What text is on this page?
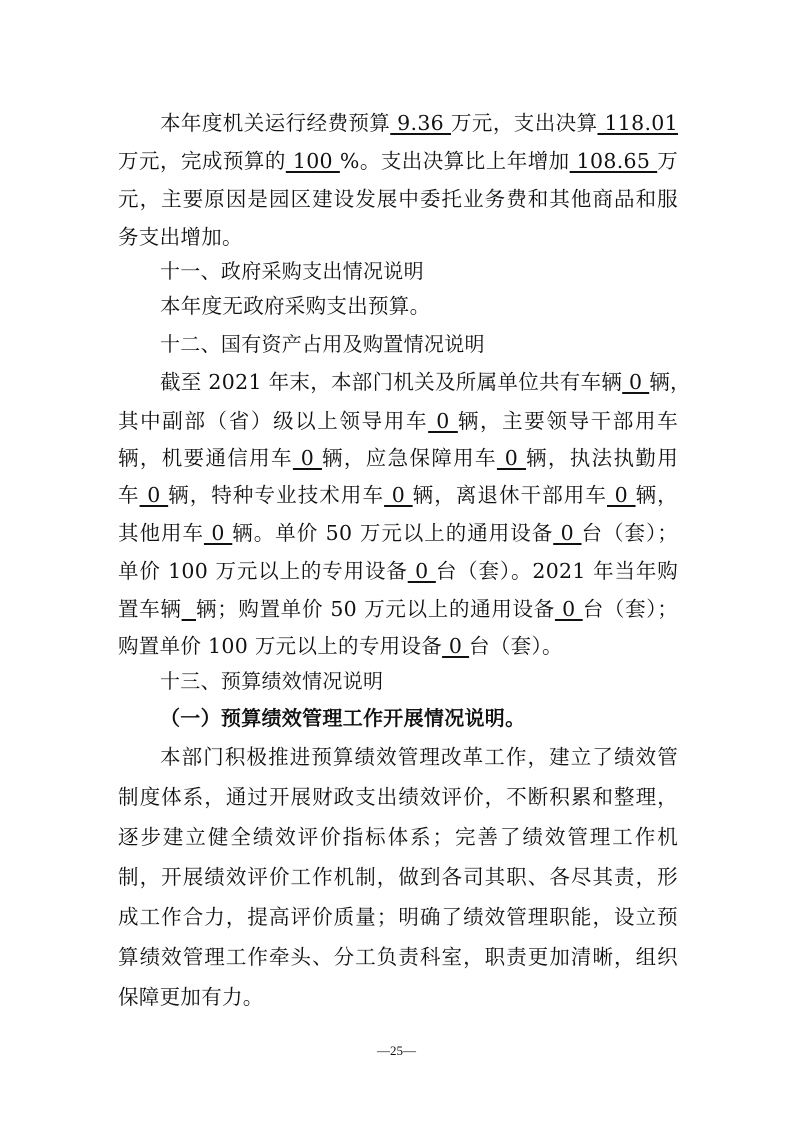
本年度机关运行经费预算 9.36 万元，支出决算 118.01
万元，完成预算的 100 %。支出决算比上年增加 108.65 万
元，主要原因是园区建设发展中委托业务费和其他商品和服
务支出增加。
十一、政府采购支出情况说明
本年度无政府采购支出预算。
十二、国有资产占用及购置情况说明
截至 2021 年末，本部门机关及所属单位共有车辆 0 辆，
其中副部（省）级以上领导用车 0 辆，主要领导干部用车
辆，机要通信用车 0 辆，应急保障用车 0 辆，执法执勤用
车 0 辆，特种专业技术用车 0 辆，离退休干部用车 0 辆，
其他用车 0 辆。单价 50 万元以上的通用设备 0 台（套）；
单价 100 万元以上的专用设备 0 台（套）。2021 年当年购
置车辆 辆；购置单价 50 万元以上的通用设备 0 台（套）；
购置单价 100 万元以上的专用设备 0 台（套）。
十三、预算绩效情况说明
（一）预算绩效管理工作开展情况说明。
本部门积极推进预算绩效管理改革工作，建立了绩效管
制度体系，通过开展财政支出绩效评价，不断积累和整理，
逐步建立健全绩效评价指标体系；完善了绩效管理工作机
制，开展绩效评价工作机制，做到各司其职、各尽其责，形
成工作合力，提高评价质量；明确了绩效管理职能，设立预
算绩效管理工作牵头、分工负责科室，职责更加清晰，组织
保障更加有力。
—25—
